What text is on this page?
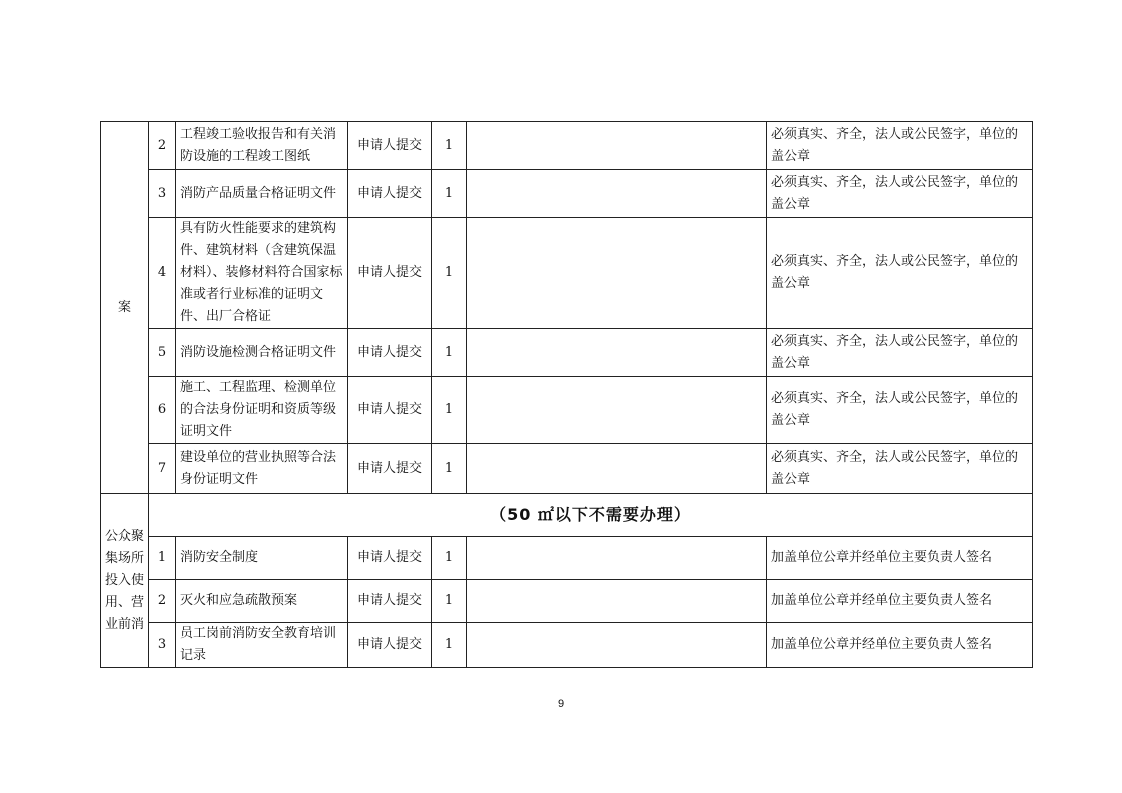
案	2	工程竣工验收报告和有关消防设施的工程竣工图纸	申请人提交	1		必须真实、齐全，法人或公民签字，单位的盖公章
	3	消防产品质量合格证明文件	申请人提交	1		必须真实、齐全，法人或公民签字，单位的盖公章
	4	具有防火性能要求的建筑构件、建筑材料（含建筑保温材料）、装修材料符合国家标准或者行业标准的证明文件、出厂合格证	申请人提交	1		必须真实、齐全，法人或公民签字，单位的盖公章
	5	消防设施检测合格证明文件	申请人提交	1		必须真实、齐全，法人或公民签字，单位的盖公章
	6	施工、工程监理、检测单位的合法身份证明和资质等级证明文件	申请人提交	1		必须真实、齐全，法人或公民签字，单位的盖公章
	7	建设单位的营业执照等合法身份证明文件	申请人提交	1		必须真实、齐全，法人或公民签字，单位的盖公章
公众聚集场所投入使用、营业前消	（50 ㎡以下不需要办理）					
	1	消防安全制度	申请人提交	1		加盖单位公章并经单位主要负责人签名
	2	灭火和应急疏散预案	申请人提交	1		加盖单位公章并经单位主要负责人签名
	3	员工岗前消防安全教育培训记录	申请人提交	1		加盖单位公章并经单位主要负责人签名
9
